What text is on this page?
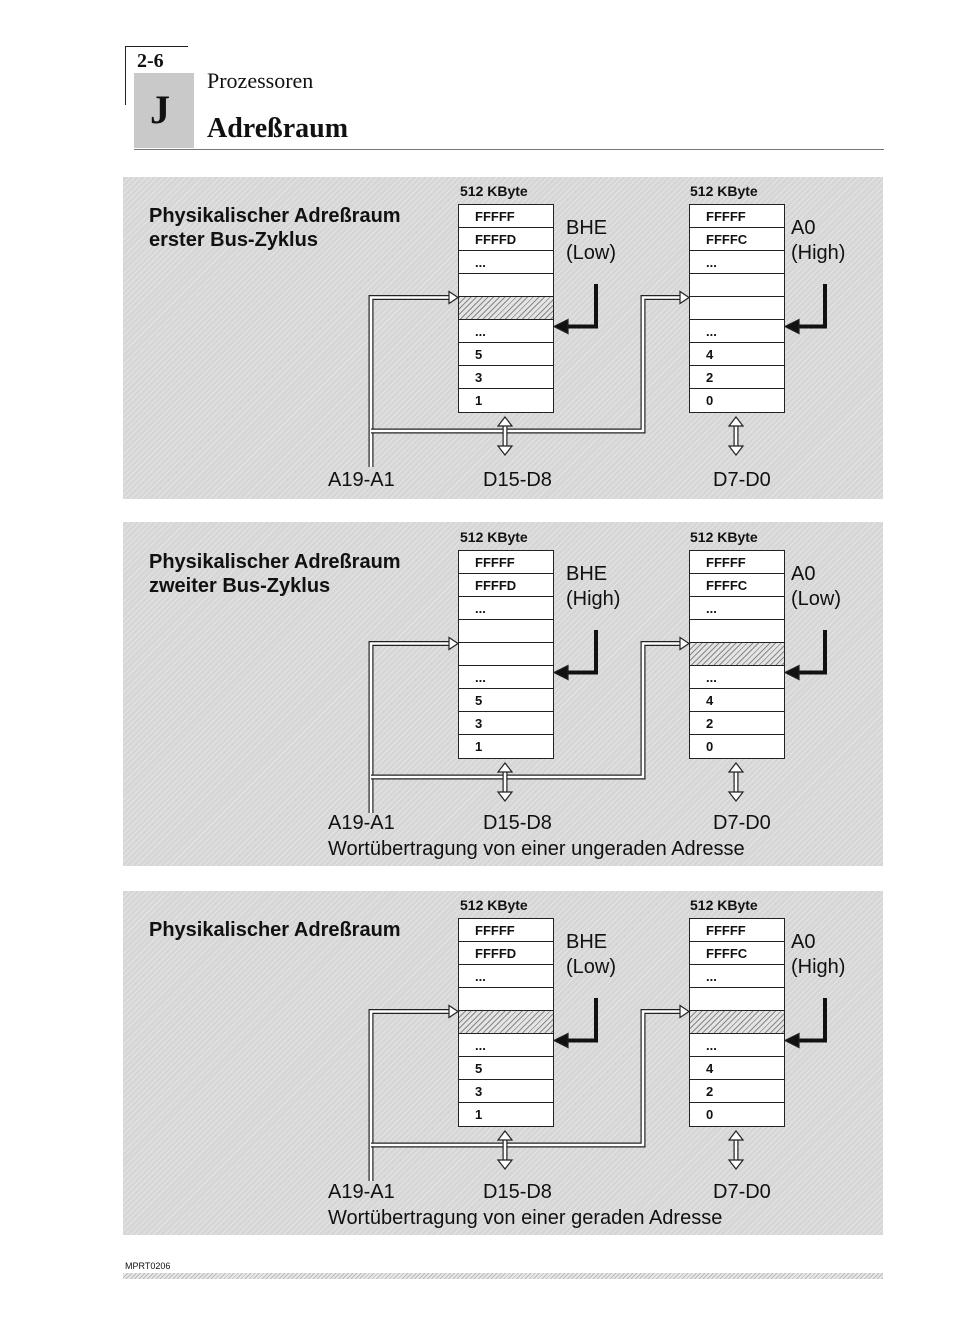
2-6
J
Prozessoren
Adreßraum
Physikalischer Adreßraum
erster Bus-Zyklus
512 KByte	512 KByte
FFFFF
FFFFD
...
...
5
3
1
FFFFF
FFFFC
...
...
4
2
0
BHE
(Low)
A0
(High)
A19-A1	D15-D8	D7-D0
Physikalischer Adreßraum
zweiter Bus-Zyklus
512 KByte	512 KByte
FFFFF
FFFFD
...
...
5
3
1
FFFFF
FFFFC
...
...
4
2
0
BHE
(High)
A0
(Low)
A19-A1	D15-D8	D7-D0
Wortübertragung von einer ungeraden Adresse
Physikalischer Adreßraum
512 KByte	512 KByte
FFFFF
FFFFD
...
...
5
3
1
FFFFF
FFFFC
...
...
4
2
0
BHE
(Low)
A0
(High)
A19-A1	D15-D8	D7-D0
Wortübertragung von einer geraden Adresse
MPRT0206
